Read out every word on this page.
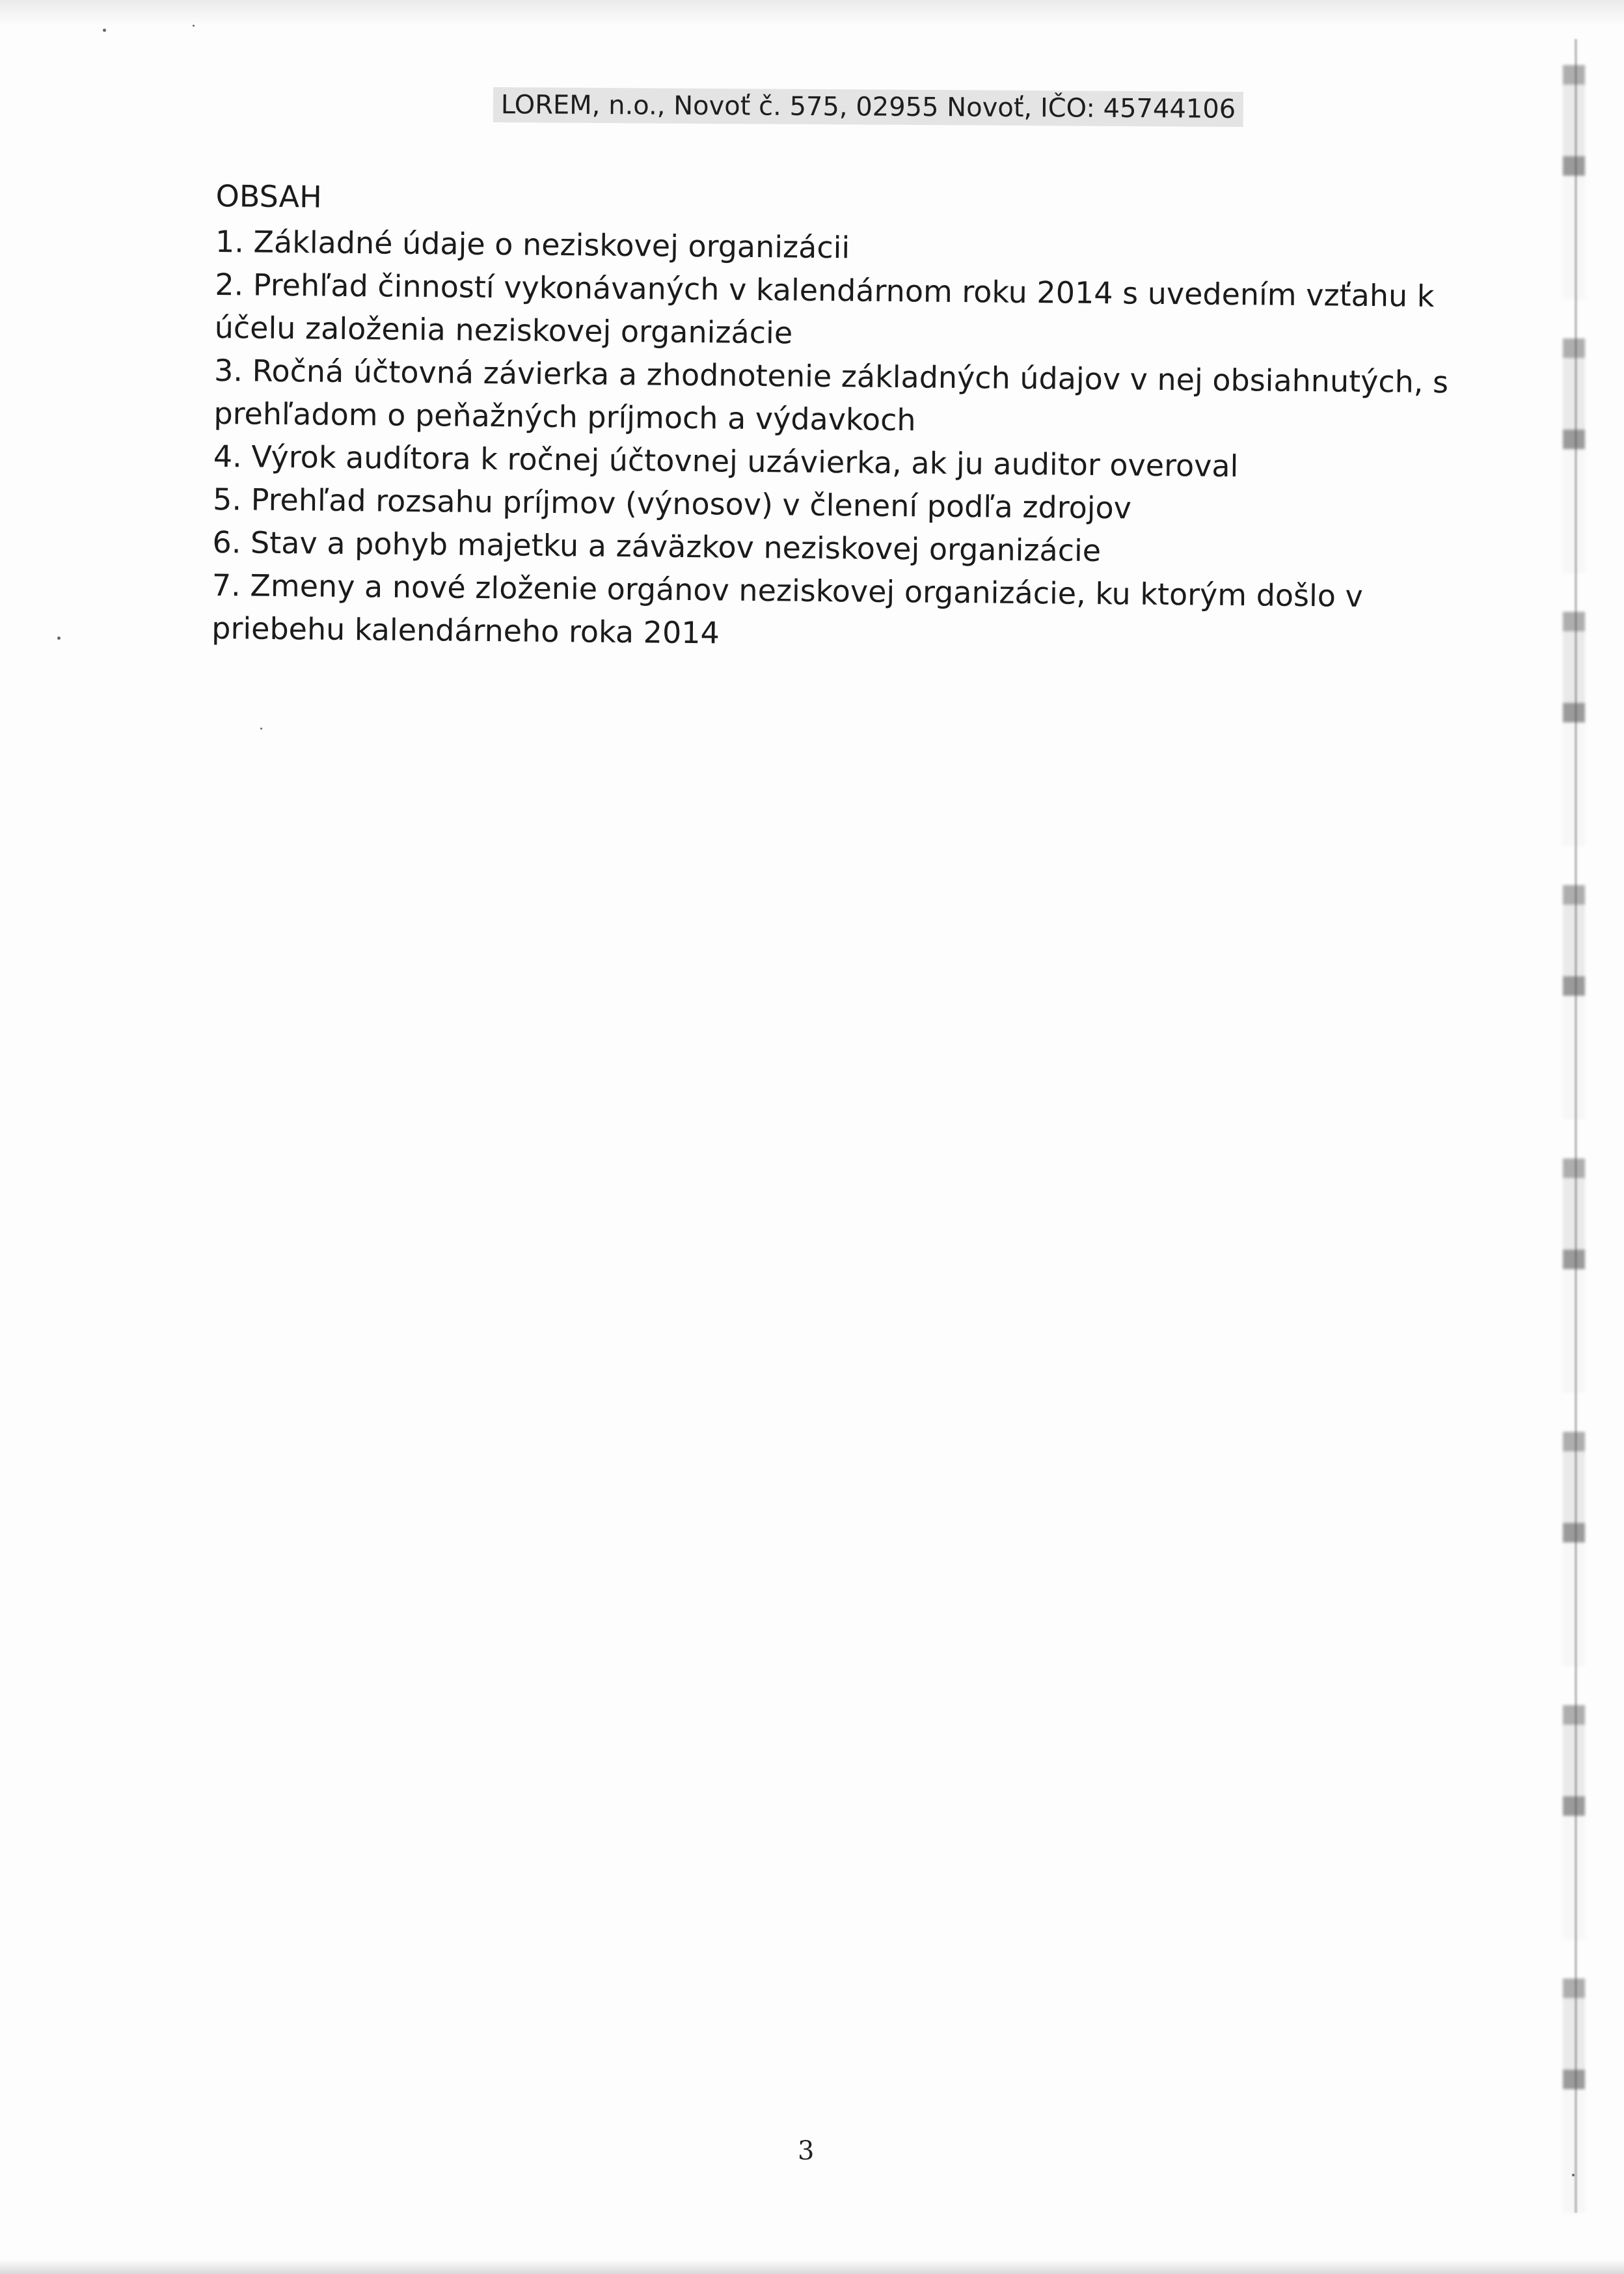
LOREM, n.o., Novoť č. 575, 02955 Novoť, IČO: 45744106
OBSAH
1. Základné údaje o neziskovej organizácii
2. Prehľad činností vykonávaných v kalendárnom roku 2014 s uvedením vzťahu k účelu založenia neziskovej organizácie
3. Ročná účtovná závierka a zhodnotenie základných údajov v nej obsiahnutých, s prehľadom o peňažných príjmoch a výdavkoch
4. Výrok audítora k ročnej účtovnej uzávierka, ak ju auditor overoval
5. Prehľad rozsahu príjmov (výnosov) v členení podľa zdrojov
6. Stav a pohyb majetku a záväzkov neziskovej organizácie
7. Zmeny a nové zloženie orgánov neziskovej organizácie, ku ktorým došlo v priebehu kalendárneho roka 2014
3
